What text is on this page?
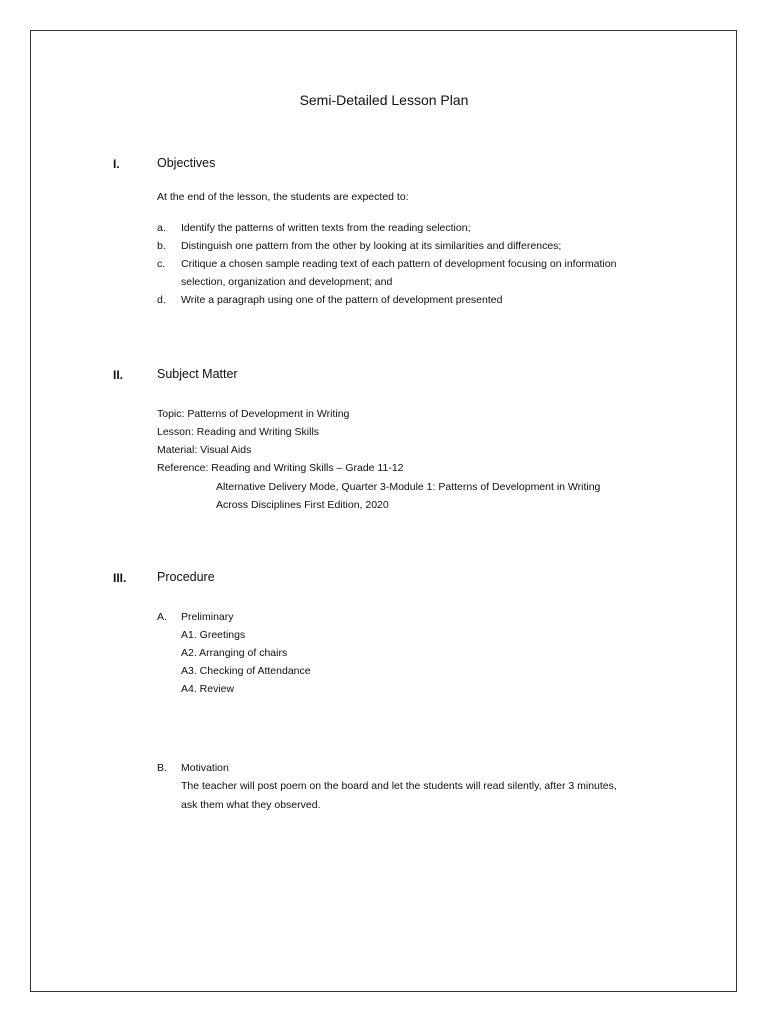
Semi-Detailed Lesson Plan
I.	Objectives
At the end of the lesson, the students are expected to:
a. Identify the patterns of written texts from the reading selection;
b. Distinguish one pattern from the other by looking at its similarities and differences;
c. Critique a chosen sample reading text of each pattern of development focusing on information
selection, organization and development; and
d. Write a paragraph using one of the pattern of development presented
II.	Subject Matter
Topic: Patterns of Development in Writing
Lesson: Reading and Writing Skills
Material: Visual Aids
Reference: Reading and Writing Skills – Grade 11-12
Alternative Delivery Mode, Quarter 3-Module 1: Patterns of Development in Writing
Across Disciplines First Edition, 2020
III. Procedure
A. Preliminary
A1. Greetings
A2. Arranging of chairs
A3. Checking of Attendance
A4. Review
B. Motivation
The teacher will post poem on the board and let the students will read silently, after 3 minutes,
ask them what they observed.
